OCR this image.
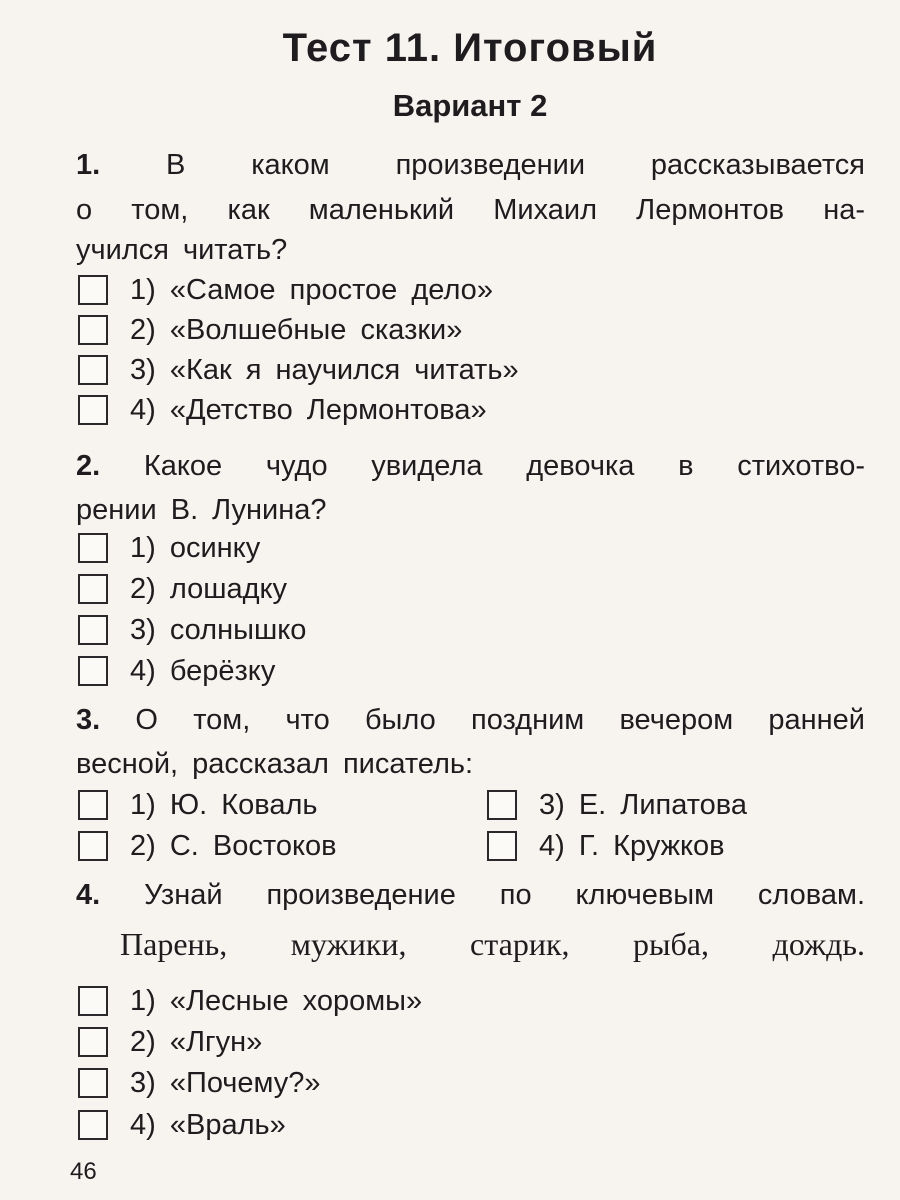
Тест 11. Итоговый
Вариант 2
1. В каком произведении рассказывается
о том, как маленький Михаил Лермонтов на-
учился читать?
1) «Самое простое дело»
2) «Волшебные сказки»
3) «Как я научился читать»
4) «Детство Лермонтова»
2. Какое чудо увидела девочка в стихотво-
рении В. Лунина?
1) осинку
2) лошадку
3) солнышко
4) берёзку
3. О том, что было поздним вечером ранней
весной, рассказал писатель:
1) Ю. Коваль
2) С. Востоков
3) Е. Липатова
4) Г. Кружков
4. Узнай произведение по ключевым словам.
Парень, мужики, старик, рыба, дождь.
1) «Лесные хоромы»
2) «Лгун»
3) «Почему?»
4) «Враль»
46
